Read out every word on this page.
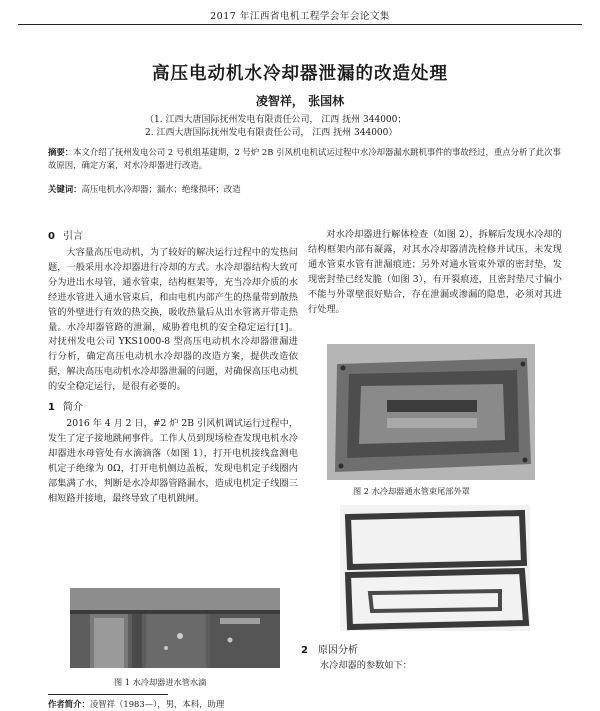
2017 年江西省电机工程学会年会论文集
高压电动机水冷却器泄漏的改造处理
凌智祥， 张国林
（1. 江西大唐国际抚州发电有限责任公司， 江西 抚州 344000；
2. 江西大唐国际抚州发电有限责任公司， 江西 抚州 344000）
摘要：本文介绍了抚州发电公司 2 号机组基建期，2 号炉 2B 引风机电机试运过程中水冷却器漏水跳机事件的事故经过，重点分析了此次事故原因，确定方案，对水冷却器进行改造。
关键词：高压电机水冷却器；漏水；绝缘损坏；改造
0 引言

大容量高压电动机，为了较好的解决运行过程中的发热问题，一般采用水冷却器进行冷却的方式。水冷却器结构大致可分为进出水母管，通水管束，结构框架等，充当冷却介质的水经进水管进入通水管束后，和由电机内部产生的热量带到散热管的外壁进行有效的热交换，吸收热量后从出水管离开带走热量。水冷却器管路的泄漏，威胁着电机的安全稳定运行[1]。对抚州发电公司 YKS1000-8 型高压电动机水冷却器泄漏进行分析，确定高压电动机水冷却器的改造方案，提供改造依据，解决高压电动机水冷却器泄漏的问题，对确保高压电动机的安全稳定运行，是很有必要的。

1 简介

2016 年 4 月 2 日，#2 炉 2B 引风机调试运行过程中，发生了定子接地跳闸事件。工作人员到现场检查发现电机水冷却器进水母管处有水滴滴落（如图 1），打开电机接线盒测电机定子绝缘为 0Ω，打开电机侧边盖板，发现电机定子线圈内部集满了水，判断是水冷却器管路漏水，造成电机定子线圈三相短路并接地，最终导致了电机跳闸。

对水冷却器进行解体检查（如图 2），拆解后发现水冷却的结构框架内部有凝露，对其水冷却器清洗检修并试压，未发现通水管束水管有泄漏痕迹；另外对通水管束外罩的密封垫，发现密封垫已经发脆（如图 3），有开裂痕迹，且密封垫尺寸偏小不能与外罩壁很好贴合，存在泄漏或渗漏的隐患，必须对其进行处理。

图 1 水冷却器进水管水滴
图 2 水冷却器通水管束尾部外罩
2 原因分析
水冷却器的参数如下：
作者简介：凌智祥（1983—），男，本科，助理
